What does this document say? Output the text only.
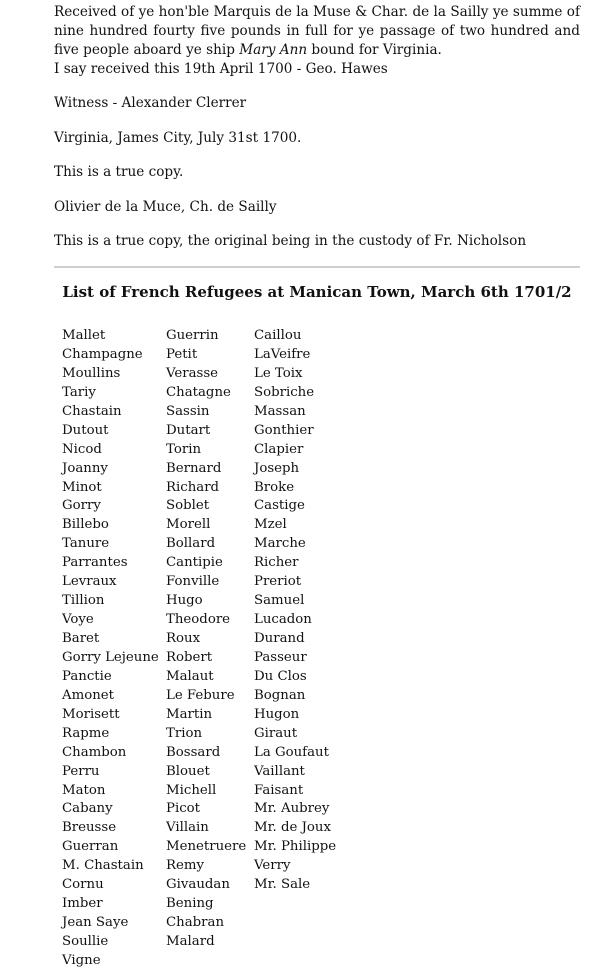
Received of ye hon'ble Marquis de la Muse & Char. de la Sailly ye summe of nine hundred fourty five pounds in full for ye passage of two hundred and five people aboard ye ship Mary Ann bound for Virginia.
I say received this 19th April 1700 - Geo. Hawes

Witness - Alexander Clerrer

Virginia, James City, July 31st 1700.

This is a true copy.

Olivier de la Muce, Ch. de Sailly

This is a true copy, the original being in the custody of Fr. Nicholson

List of French Refugees at Manican Town, March 6th 1701/2
Mallet
Champagne
Moullins
Tariy
Chastain
Dutout
Nicod
Joanny
Minot
Gorry
Billebo
Tanure
Parrantes
Levraux
Tillion
Voye
Baret
Gorry Lejeune
Panctie
Amonet
Morisett
Rapme
Chambon
Perru
Maton
Cabany
Breusse
Guerran
M. Chastain
Cornu
Imber
Jean Saye
Soullie
Vigne
Guerrin
Petit
Verasse
Chatagne
Sassin
Dutart
Torin
Bernard
Richard
Soblet
Morell
Bollard
Cantipie
Fonville
Hugo
Theodore
Roux
Robert
Malaut
Le Febure
Martin
Trion
Bossard
Blouet
Michell
Picot
Villain
Menetruere
Remy
Givaudan
Bening
Chabran
Malard
Caillou
LaVeifre
Le Toix
Sobriche
Massan
Gonthier
Clapier
Joseph
Broke
Castige
Mzel
Marche
Richer
Preriot
Samuel
Lucadon
Durand
Passeur
Du Clos
Bognan
Hugon
Giraut
La Goufaut
Vaillant
Faisant
Mr. Aubrey
Mr. de Joux
Mr. Philippe
Verry
Mr. Sale
